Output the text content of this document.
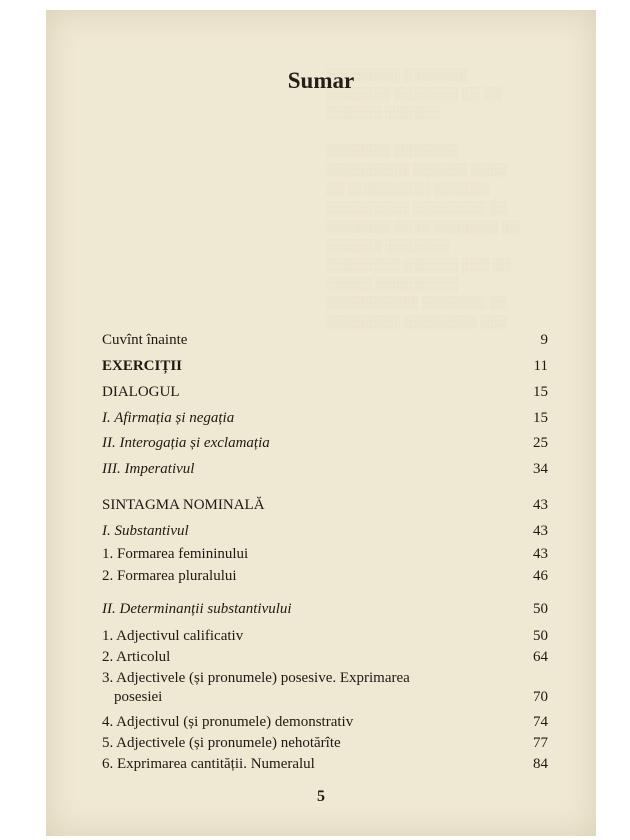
░░░░░░░░ ░░░░░░░
░░░░░░░ ░░░░░░░ ░░ ░░
░░░░░░ ░░░░░░

░░░░░░░ ░░░░░░░
░░░░░░░░░ ░░░░░░ ░░░░
░░ ░░░░░░░░░ ░░░░░░
░░░░░░░░░ ░░░░░░░░ ░░
░░░░░░░ ░░░░ ░░░░░░░ ░░
░░░░░░ ░░░░░░░
░░░░░░░░ ░░░░░░ ░░░ ░░
░░░░░ ░░░░░░░░░
░░░░░░░░░░ ░░░░░░░ ░░
░░░░░░░░ ░░░░░░░░ ░░░
Sumar
Cuvînt înainte	9
EXERCIȚII	11
DIALOGUL	15
I. Afirmația și negația	15
II. Interogația și exclamația	25
III. Imperativul	34
SINTAGMA NOMINALĂ	43
I. Substantivul	43
1. Formarea femininului	43
2. Formarea pluralului	46
II. Determinanții substantivului	50
1. Adjectivul calificativ	50
2. Articolul	64
3. Adjectivele (și pronumele) posesive. Exprimarea
posesiei	70
4. Adjectivul (și pronumele) demonstrativ	74
5. Adjectivele (și pronumele) nehotărîte	77
6. Exprimarea cantității. Numeralul	84
5
